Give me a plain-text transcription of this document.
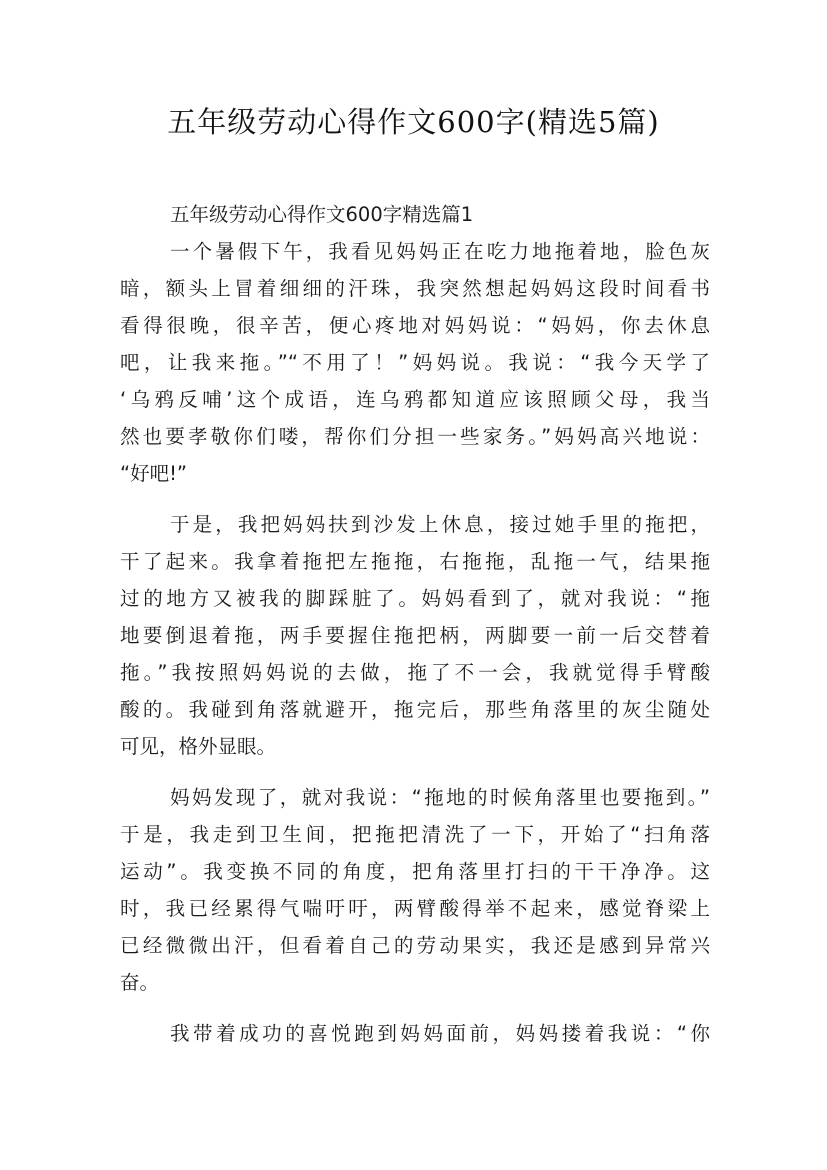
五年级劳动心得作文600字(精选5篇)
五年级劳动心得作文600字精选篇1
一个暑假下午，我看见妈妈正在吃力地拖着地，脸色灰
暗，额头上冒着细细的汗珠，我突然想起妈妈这段时间看书
看得很晚，很辛苦，便心疼地对妈妈说：“妈妈，你去休息
吧，让我来拖。”“不用了！”妈妈说。我说：“我今天学了
‘乌鸦反哺’这个成语，连乌鸦都知道应该照顾父母，我当
然也要孝敬你们喽，帮你们分担一些家务。”妈妈高兴地说：
“好吧!”
于是，我把妈妈扶到沙发上休息，接过她手里的拖把，
干了起来。我拿着拖把左拖拖，右拖拖，乱拖一气，结果拖
过的地方又被我的脚踩脏了。妈妈看到了，就对我说：“拖
地要倒退着拖，两手要握住拖把柄，两脚要一前一后交替着
拖。”我按照妈妈说的去做，拖了不一会，我就觉得手臂酸
酸的。我碰到角落就避开，拖完后，那些角落里的灰尘随处
可见，格外显眼。
妈妈发现了，就对我说：“拖地的时候角落里也要拖到。”
于是，我走到卫生间，把拖把清洗了一下，开始了“扫角落
运动”。我变换不同的角度，把角落里打扫的干干净净。这
时，我已经累得气喘吁吁，两臂酸得举不起来，感觉脊梁上
已经微微出汗，但看着自己的劳动果实，我还是感到异常兴
奋。
我带着成功的喜悦跑到妈妈面前，妈妈搂着我说：“你
